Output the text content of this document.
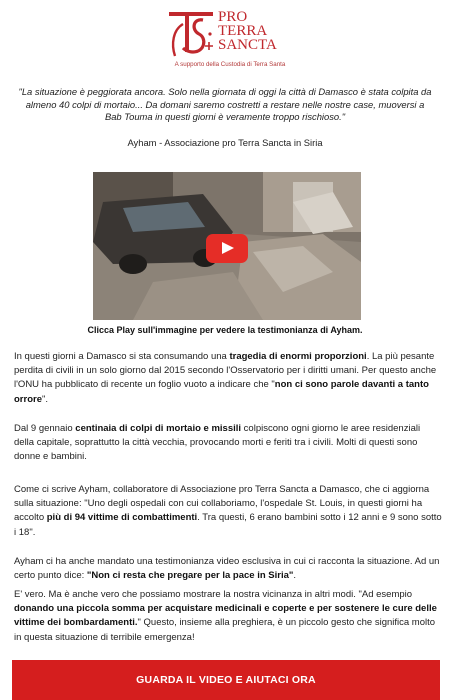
PRO
TERRA
SANCTA
A supporto della Custodia di Terra Santa
"La situazione è peggiorata ancora. Solo nella giornata di oggi la città di Damasco è stata colpita da almeno 40 colpi di mortaio... Da domani saremo costretti a restare nelle nostre case, muoversi a Bab Touma in questi giorni è veramente troppo rischioso."
Ayham - Associazione pro Terra Sancta in Siria
Clicca Play sull'immagine per vedere la testimonianza di Ayham.
In questi giorni a Damasco si sta consumando una tragedia di enormi proporzioni. La più pesante perdita di civili in un solo giorno dal 2015 secondo l'Osservatorio per i diritti umani. Per questo anche l'ONU ha pubblicato di recente un foglio vuoto a indicare che "non ci sono parole davanti a tanto orrore".
Dal 9 gennaio centinaia di colpi di mortaio e missili colpiscono ogni giorno le aree residenziali della capitale, soprattutto la città vecchia, provocando morti e feriti tra i civili. Molti di questi sono donne e bambini.
Come ci scrive Ayham, collaboratore di Associazione pro Terra Sancta a Damasco, che ci aggiorna sulla situazione: "Uno degli ospedali con cui collaboriamo, l'ospedale St. Louis, in questi giorni ha accolto più di 94 vittime di combattimenti. Tra questi, 6 erano bambini sotto i 12 anni e 9 sono sotto i 18".
Ayham ci ha anche mandato una testimonianza video esclusiva in cui ci racconta la situazione. Ad un certo punto dice: "Non ci resta che pregare per la pace in Siria".
E' vero. Ma è anche vero che possiamo mostrare la nostra vicinanza in altri modi. "Ad esempio donando una piccola somma per acquistare medicinali e coperte e per sostenere le cure delle vittime dei bombardamenti." Questo, insieme alla preghiera, è un piccolo gesto che significa molto in questa situazione di terribile emergenza!
GUARDA IL VIDEO E AIUTACI ORA
